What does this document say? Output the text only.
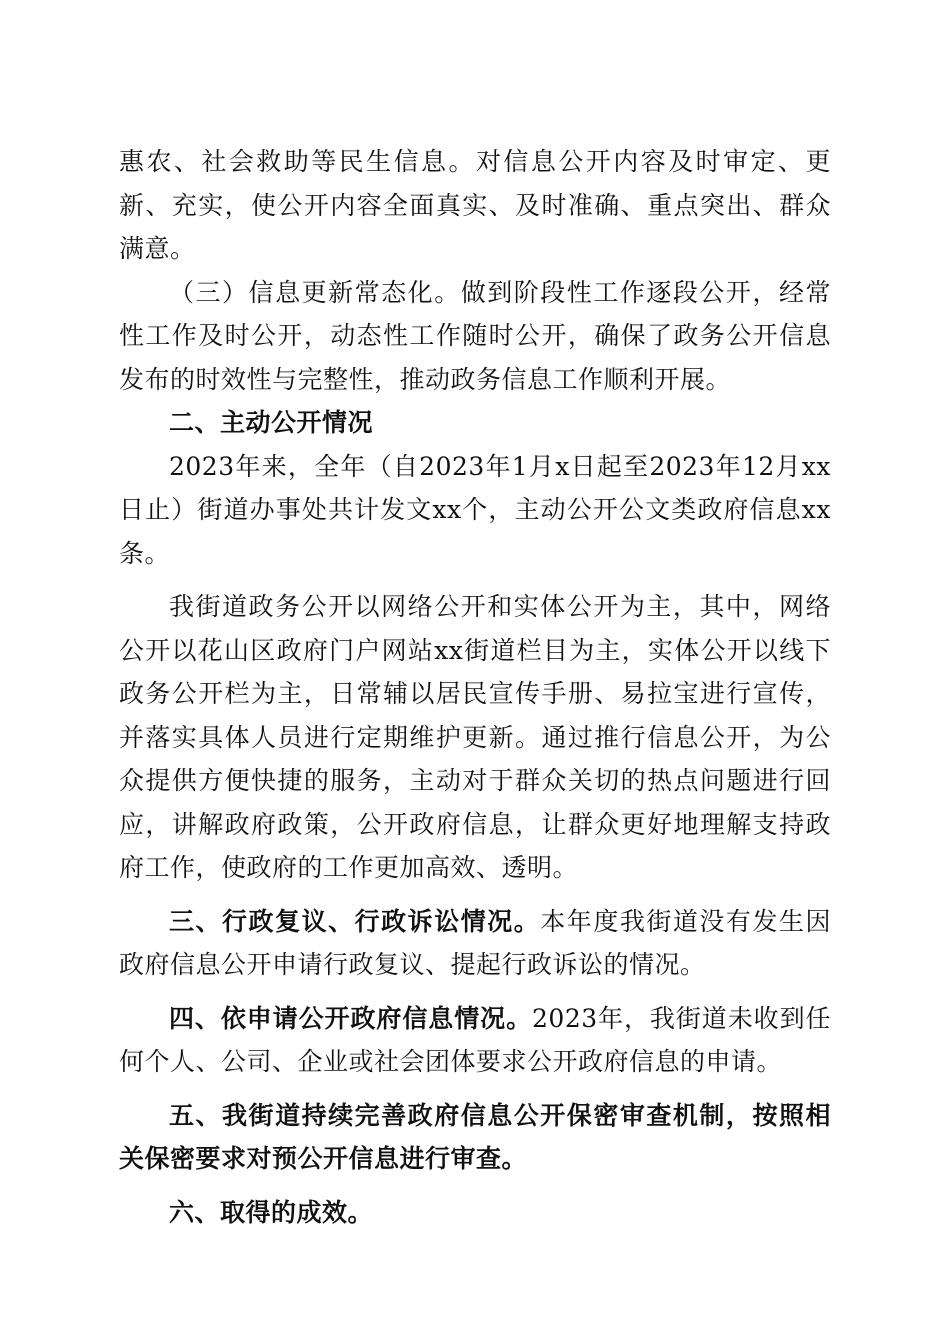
惠农、社会救助等民生信息。对信息公开内容及时审定、更新、充实，使公开内容全面真实、及时准确、重点突出、群众满意。

（三）信息更新常态化。做到阶段性工作逐段公开，经常性工作及时公开，动态性工作随时公开，确保了政务公开信息发布的时效性与完整性，推动政务信息工作顺利开展。

二、主动公开情况

2023年来，全年（自2023年1月x日起至2023年12月xx日止）街道办事处共计发文xx个，主动公开公文类政府信息xx条。

我街道政务公开以网络公开和实体公开为主，其中，网络公开以花山区政府门户网站xx街道栏目为主，实体公开以线下政务公开栏为主，日常辅以居民宣传手册、易拉宝进行宣传，并落实具体人员进行定期维护更新。通过推行信息公开，为公众提供方便快捷的服务，主动对于群众关切的热点问题进行回应，讲解政府政策，公开政府信息，让群众更好地理解支持政府工作，使政府的工作更加高效、透明。

三、行政复议、行政诉讼情况。本年度我街道没有发生因政府信息公开申请行政复议、提起行政诉讼的情况。

四、依申请公开政府信息情况。2023年，我街道未收到任何个人、公司、企业或社会团体要求公开政府信息的申请。

五、我街道持续完善政府信息公开保密审查机制，按照相关保密要求对预公开信息进行审查。

六、取得的成效。
